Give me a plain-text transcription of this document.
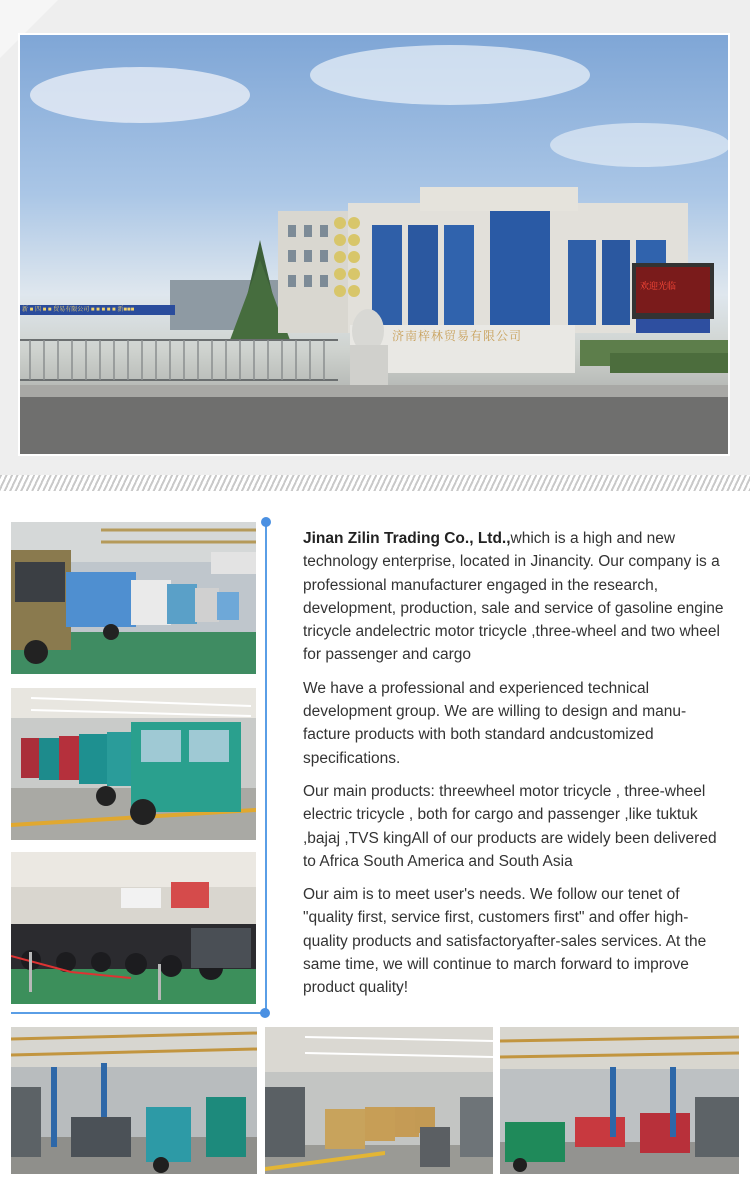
济南梓林贸易有限公司
新 ■ 四 ■ ■ 贸易有限公司 ■ ■ ■ ■ ■ 新■■■
欢迎光临

Jinan Zilin Trading Co., Ltd.,which is a high and new technology enterprise, located in Jinancity. Our company is a professional manufacturer engaged in the research, development, production, sale and service of gasoline engine tricycle andelectric motor tricycle ,three-wheel and two wheel for passenger and cargo

We have a professional and experienced technical development group. We are willing to design and manu-facture products with both standard andcustomized specifications.

Our main products: threewheel motor tricycle , three-wheel electric tricycle , both for cargo and passenger ,like tuktuk ,bajaj ,TVS kingAll of our products are widely been delivered to Africa South America and South Asia

Our aim is to meet user's needs. We follow our tenet of "quality first, service first, customers first" and offer high-quality products and satisfactoryafter-sales services. At the same time, we will continue to march forward to improve product quality!
